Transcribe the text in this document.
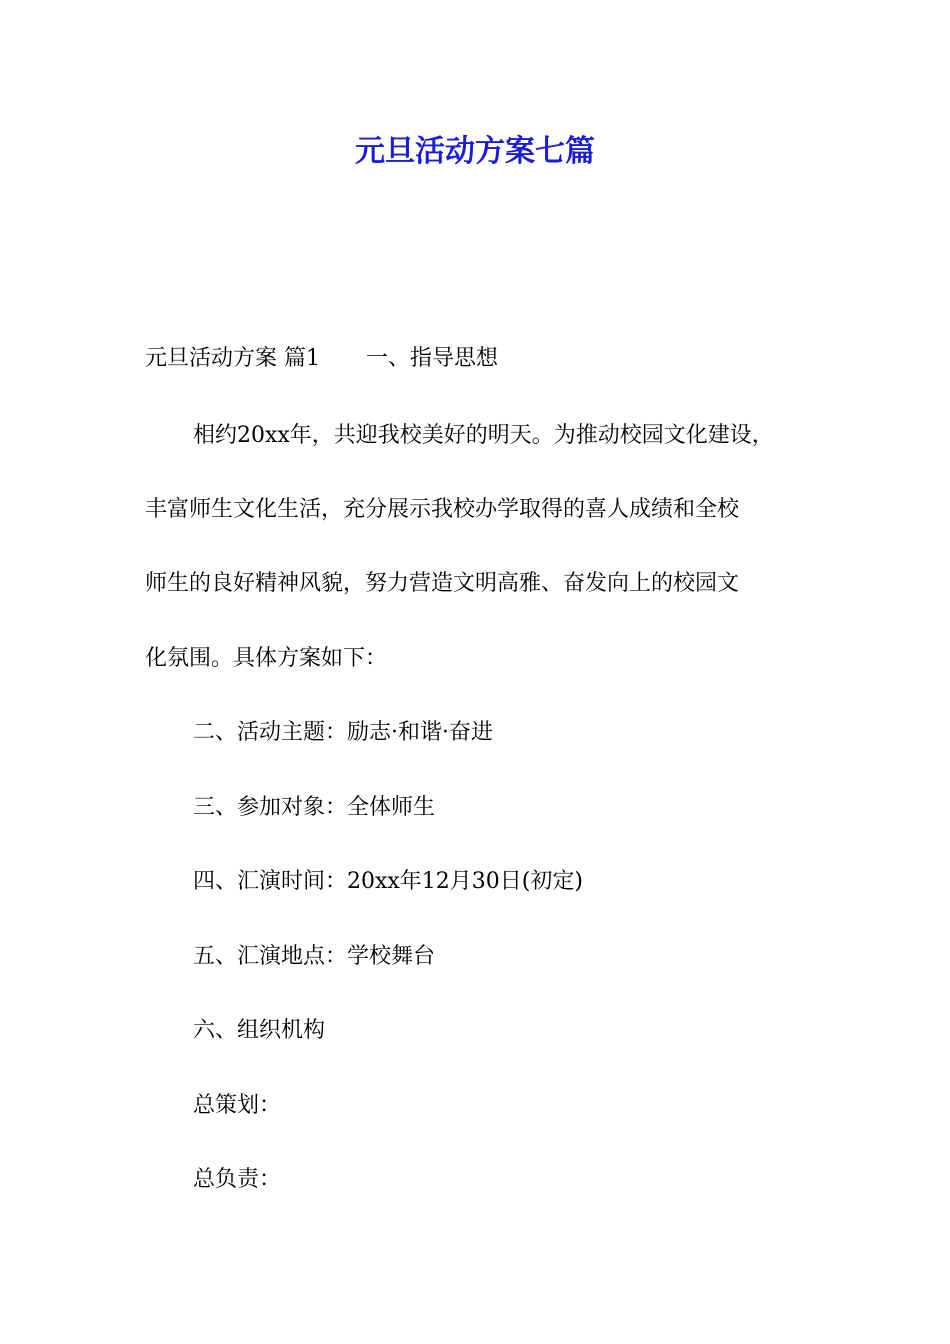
元旦活动方案七篇

元旦活动方案 篇1 一、指导思想

相约20xx年，共迎我校美好的明天。为推动校园文化建设，

丰富师生文化生活，充分展示我校办学取得的喜人成绩和全校

师生的良好精神风貌，努力营造文明高雅、奋发向上的校园文

化氛围。具体方案如下：

二、活动主题：励志·和谐·奋进

三、参加对象：全体师生

四、汇演时间：20xx年12月30日(初定)

五、汇演地点：学校舞台

六、组织机构

总策划：

总负责：
